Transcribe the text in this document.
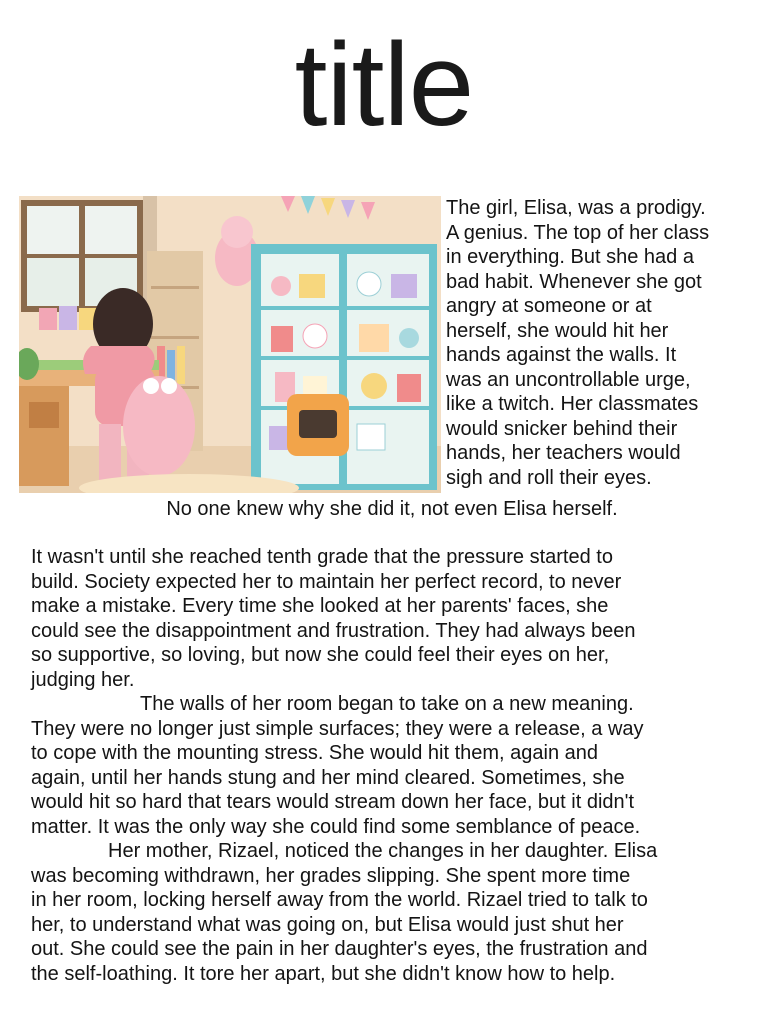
title

The girl, Elisa, was a prodigy.
A genius. The top of her class
in everything. But she had a
bad habit. Whenever she got
angry at someone or at
herself, she would hit her
hands against the walls. It
was an uncontrollable urge,
like a twitch. Her classmates
would snicker behind their
hands, her teachers would
sigh and roll their eyes.

No one knew why she did it, not even Elisa herself.

It wasn't until she reached tenth grade that the pressure started to
build. Society expected her to maintain her perfect record, to never
make a mistake. Every time she looked at her parents' faces, she
could see the disappointment and frustration. They had always been
so supportive, so loving, but now she could feel their eyes on her,
judging her.
The walls of her room began to take on a new meaning.
They were no longer just simple surfaces; they were a release, a way
to cope with the mounting stress. She would hit them, again and
again, until her hands stung and her mind cleared. Sometimes, she
would hit so hard that tears would stream down her face, but it didn't
matter. It was the only way she could find some semblance of peace.
Her mother, Rizael, noticed the changes in her daughter. Elisa
was becoming withdrawn, her grades slipping. She spent more time
in her room, locking herself away from the world. Rizael tried to talk to
her, to understand what was going on, but Elisa would just shut her
out. She could see the pain in her daughter's eyes, the frustration and
the self-loathing. It tore her apart, but she didn't know how to help.
